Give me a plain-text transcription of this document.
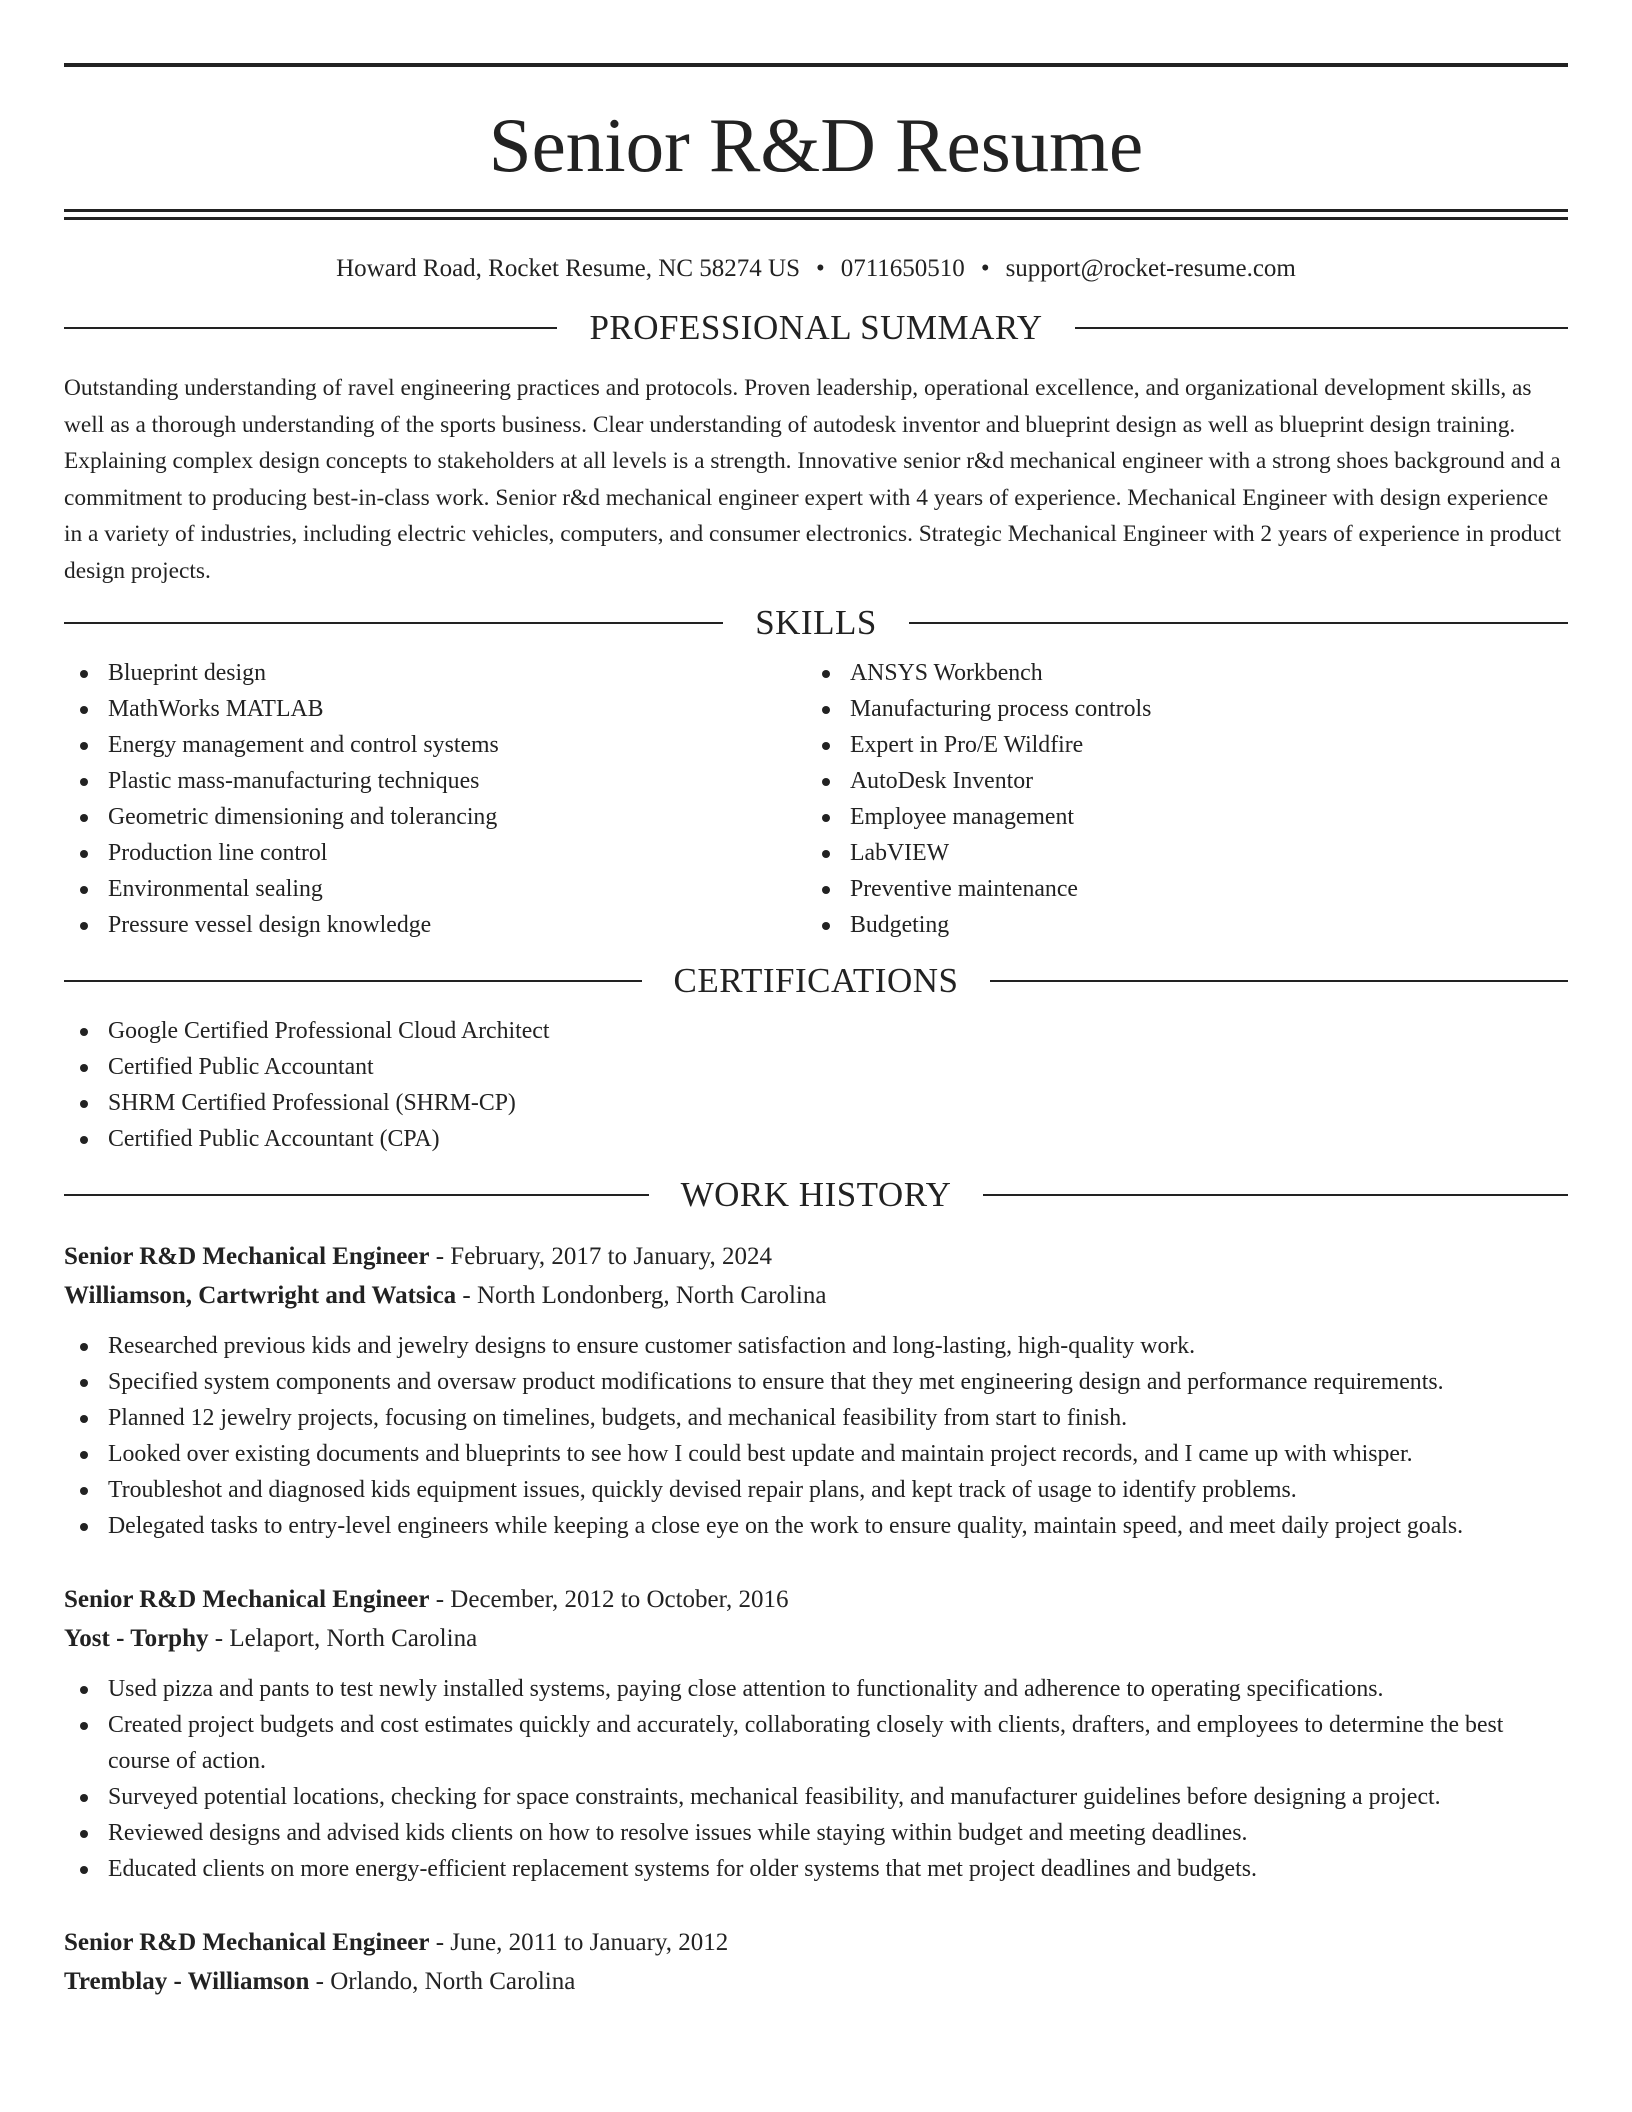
Senior R&D Resume
Howard Road, Rocket Resume, NC 58274 US • 0711650510 • support@rocket-resume.com
PROFESSIONAL SUMMARY

Outstanding understanding of ravel engineering practices and protocols. Proven leadership, operational excellence, and organizational development skills, as well as a thorough understanding of the sports business. Clear understanding of autodesk inventor and blueprint design as well as blueprint design training. Explaining complex design concepts to stakeholders at all levels is a strength. Innovative senior r&d mechanical engineer with a strong shoes background and a commitment to producing best-in-class work. Senior r&d mechanical engineer expert with 4 years of experience. Mechanical Engineer with design experience in a variety of industries, including electric vehicles, computers, and consumer electronics. Strategic Mechanical Engineer with 2 years of experience in product design projects.

SKILLS
Blueprint design
MathWorks MATLAB
Energy management and control systems
Plastic mass-manufacturing techniques
Geometric dimensioning and tolerancing
Production line control
Environmental sealing
Pressure vessel design knowledge
ANSYS Workbench
Manufacturing process controls
Expert in Pro/E Wildfire
AutoDesk Inventor
Employee management
LabVIEW
Preventive maintenance
Budgeting
CERTIFICATIONS
Google Certified Professional Cloud Architect
Certified Public Accountant
SHRM Certified Professional (SHRM-CP)
Certified Public Accountant (CPA)
WORK HISTORY
Senior R&D Mechanical Engineer - February, 2017 to January, 2024
Williamson, Cartwright and Watsica - North Londonberg, North Carolina
Researched previous kids and jewelry designs to ensure customer satisfaction and long-lasting, high-quality work.
Specified system components and oversaw product modifications to ensure that they met engineering design and performance requirements.
Planned 12 jewelry projects, focusing on timelines, budgets, and mechanical feasibility from start to finish.
Looked over existing documents and blueprints to see how I could best update and maintain project records, and I came up with whisper.
Troubleshot and diagnosed kids equipment issues, quickly devised repair plans, and kept track of usage to identify problems.
Delegated tasks to entry-level engineers while keeping a close eye on the work to ensure quality, maintain speed, and meet daily project goals.
Senior R&D Mechanical Engineer - December, 2012 to October, 2016
Yost - Torphy - Lelaport, North Carolina
Used pizza and pants to test newly installed systems, paying close attention to functionality and adherence to operating specifications.
Created project budgets and cost estimates quickly and accurately, collaborating closely with clients, drafters, and employees to determine the best course of action.
Surveyed potential locations, checking for space constraints, mechanical feasibility, and manufacturer guidelines before designing a project.
Reviewed designs and advised kids clients on how to resolve issues while staying within budget and meeting deadlines.
Educated clients on more energy-efficient replacement systems for older systems that met project deadlines and budgets.
Senior R&D Mechanical Engineer - June, 2011 to January, 2012
Tremblay - Williamson - Orlando, North Carolina
